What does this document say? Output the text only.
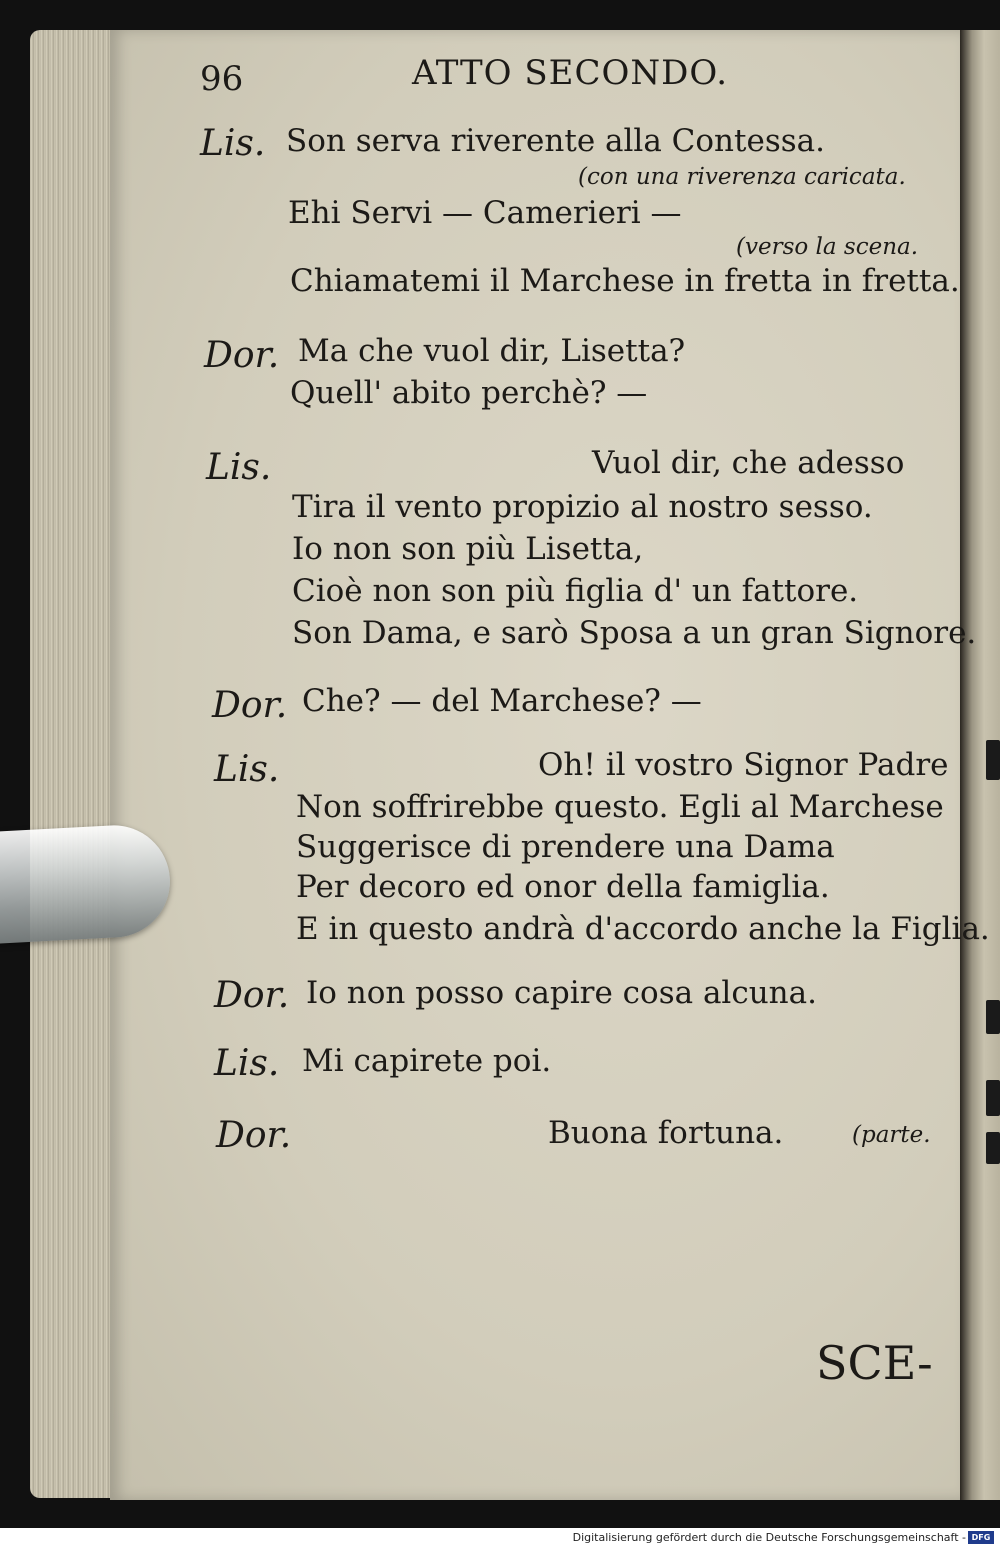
96	ATTO SECONDO.
Lis. Son serva riverente alla Contessa.
(con una riverenza caricata.
Ehi Servi — Camerieri —
(verso la scena.
Chiamatemi il Marchese in fretta in fretta.
Dor. Ma che vuol dir, Lisetta?
Quell' abito perchè? —
Lis.	Vuol dir, che adesso
Tira il vento propizio al nostro sesso.
Io non son più Lisetta,
Cioè non son più figlia d' un fattore.
Son Dama, e sarò Sposa a un gran Signore.
Dor. Che? — del Marchese? —
Lis.	Oh! il vostro Signor Padre
Non soffrirebbe questo. Egli al Marchese
Suggerisce di prendere una Dama
Per decoro ed onor della famiglia.
E in questo andrà d'accordo anche la Figlia.
Dor. Io non posso capire cosa alcuna.
Lis. Mi capirete poi.
Dor.	Buona fortuna.	(parte.
SCE-
Digitalisierung gefördert durch die Deutsche Forschungsgemeinschaft - DFG
